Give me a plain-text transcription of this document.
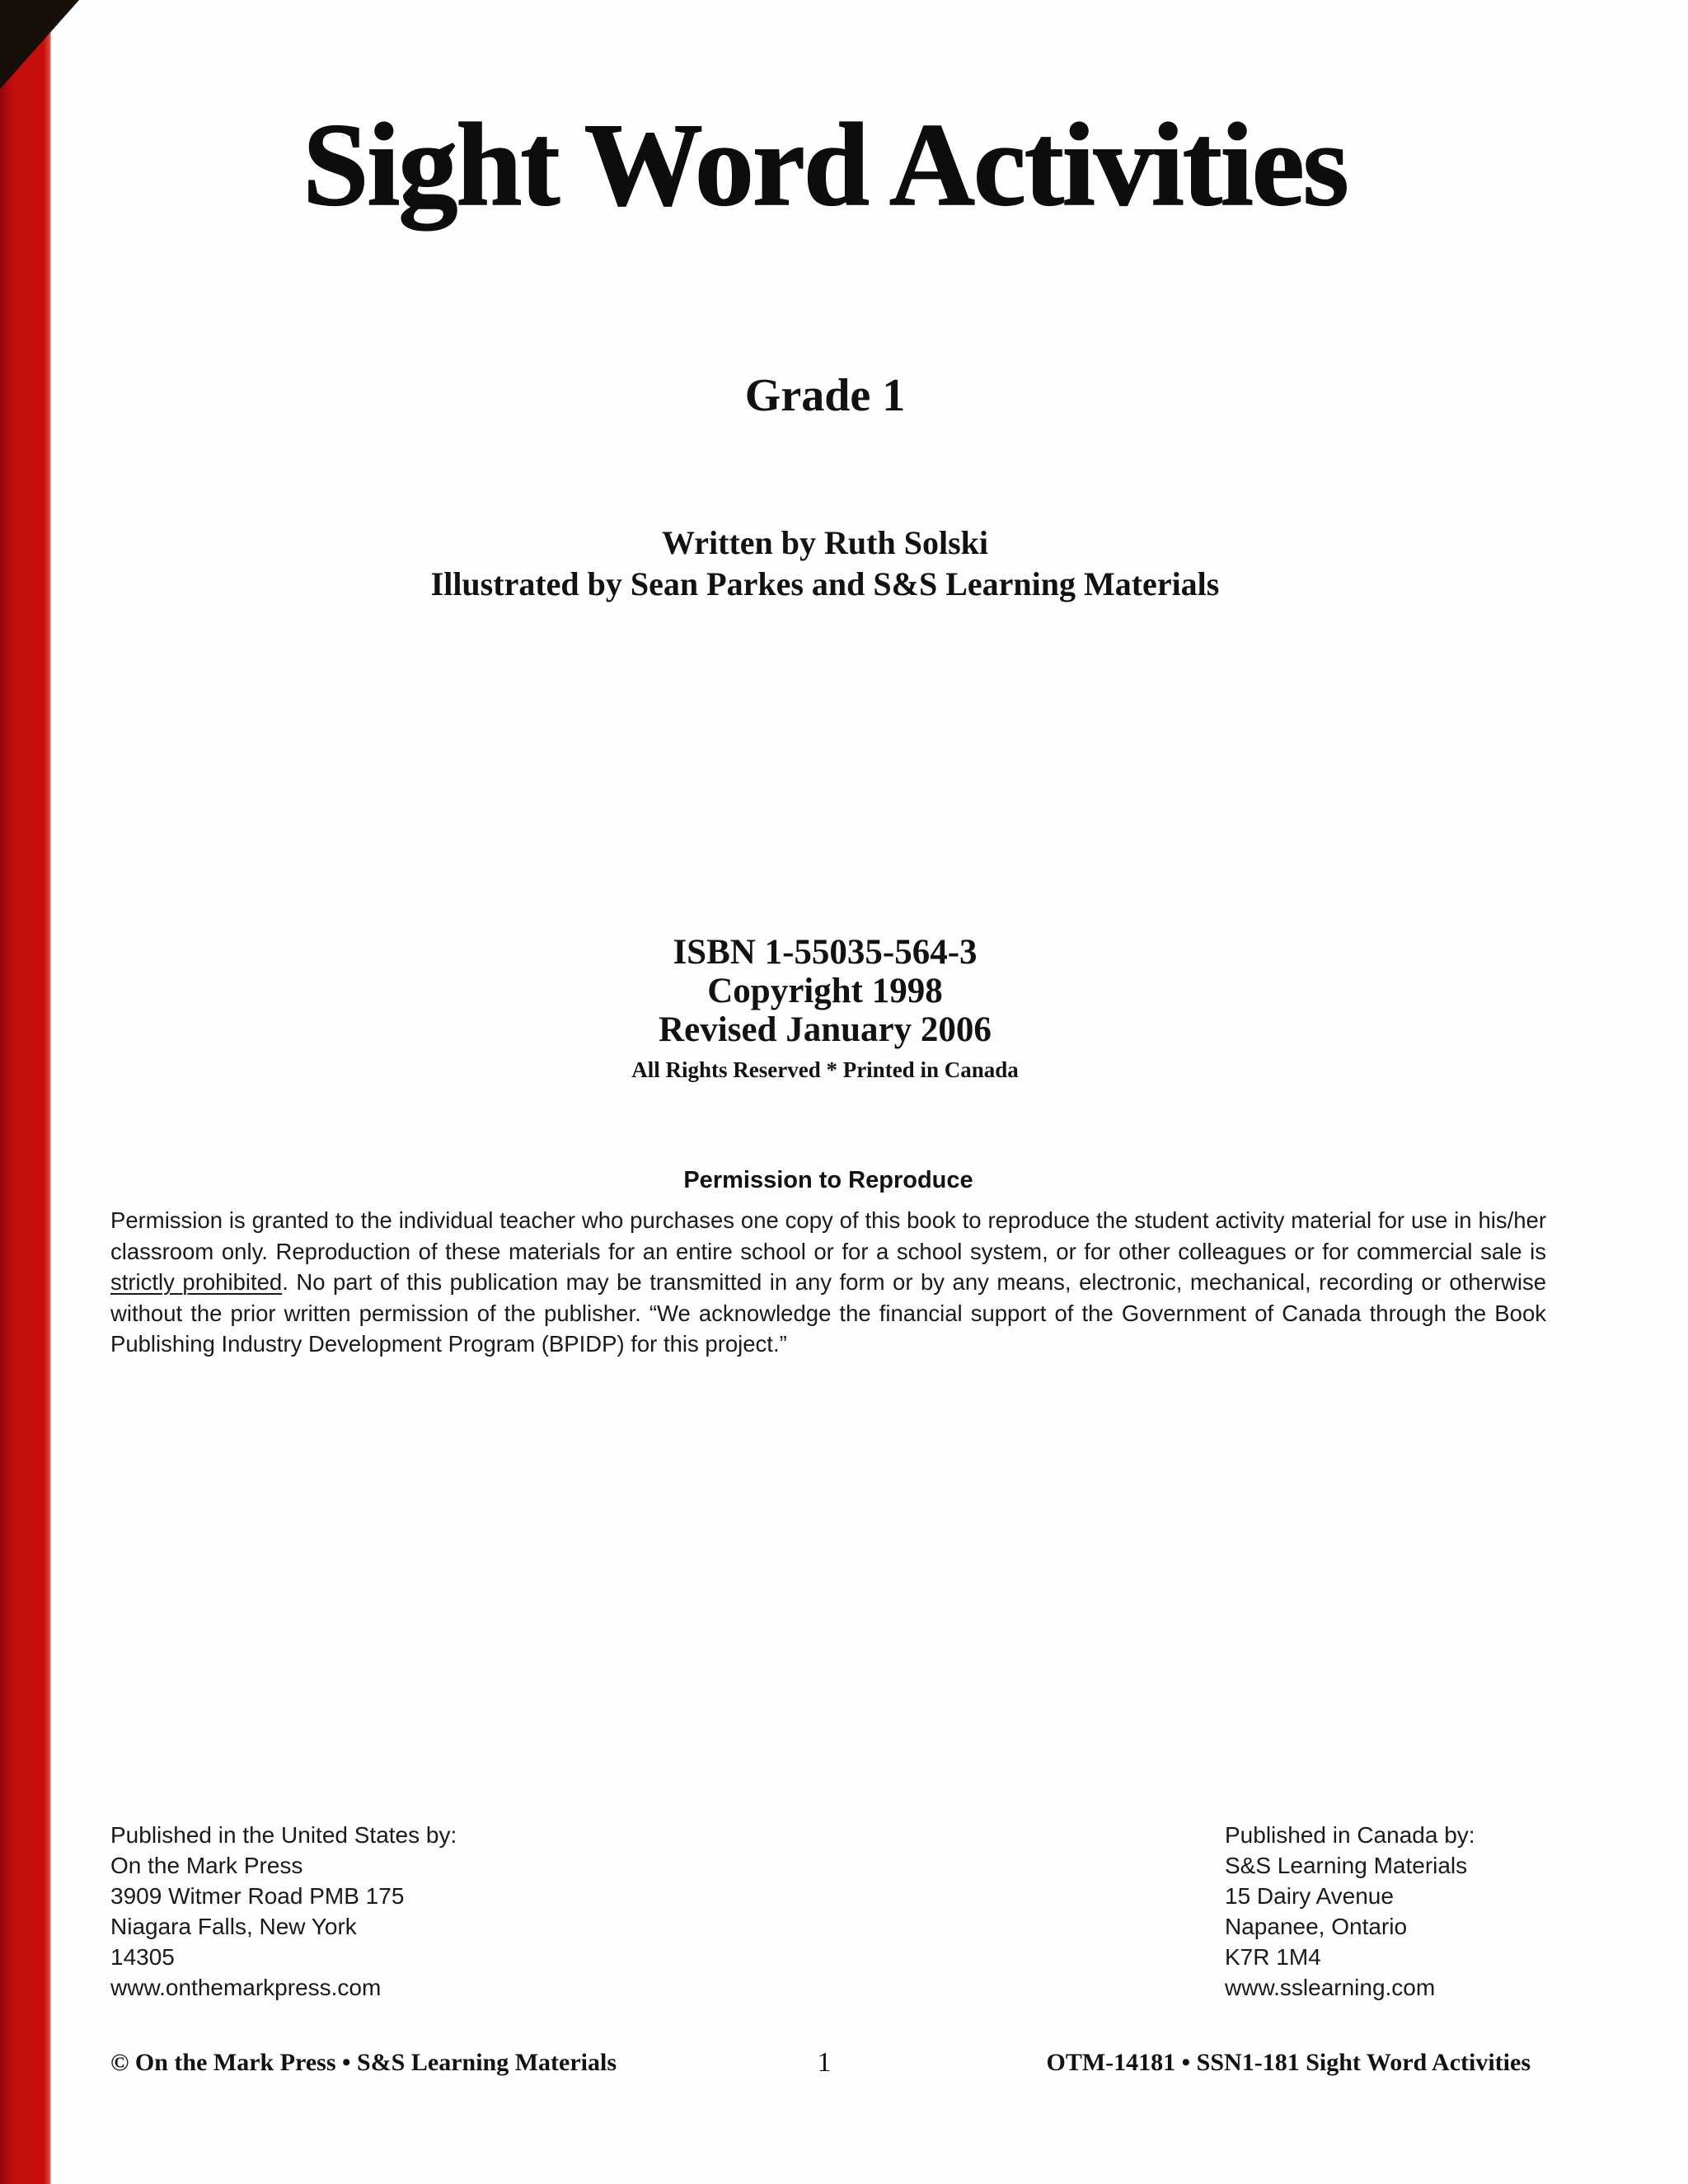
Sight Word Activities
Grade 1
Written by Ruth Solski
Illustrated by Sean Parkes and S&S Learning Materials
ISBN 1-55035-564-3
Copyright 1998
Revised January 2006
All Rights Reserved * Printed in Canada
Permission to Reproduce

Permission is granted to the individual teacher who purchases one copy of this book to reproduce the student activity material for use in his/her classroom only. Reproduction of these materials for an entire school or for a school system, or for other colleagues or for commercial sale is strictly prohibited. No part of this publication may be transmitted in any form or by any means, electronic, mechanical, recording or otherwise without the prior written permission of the publisher. “We acknowledge the financial support of the Government of Canada through the Book Publishing Industry Development Program (BPIDP) for this project.”

Published in the United States by:
On the Mark Press
3909 Witmer Road PMB 175
Niagara Falls, New York
14305
www.onthemarkpress.com
Published in Canada by:
S&S Learning Materials
15 Dairy Avenue
Napanee, Ontario
K7R 1M4
www.sslearning.com
© On the Mark Press • S&S Learning Materials	1	OTM-14181 • SSN1-181 Sight Word Activities
